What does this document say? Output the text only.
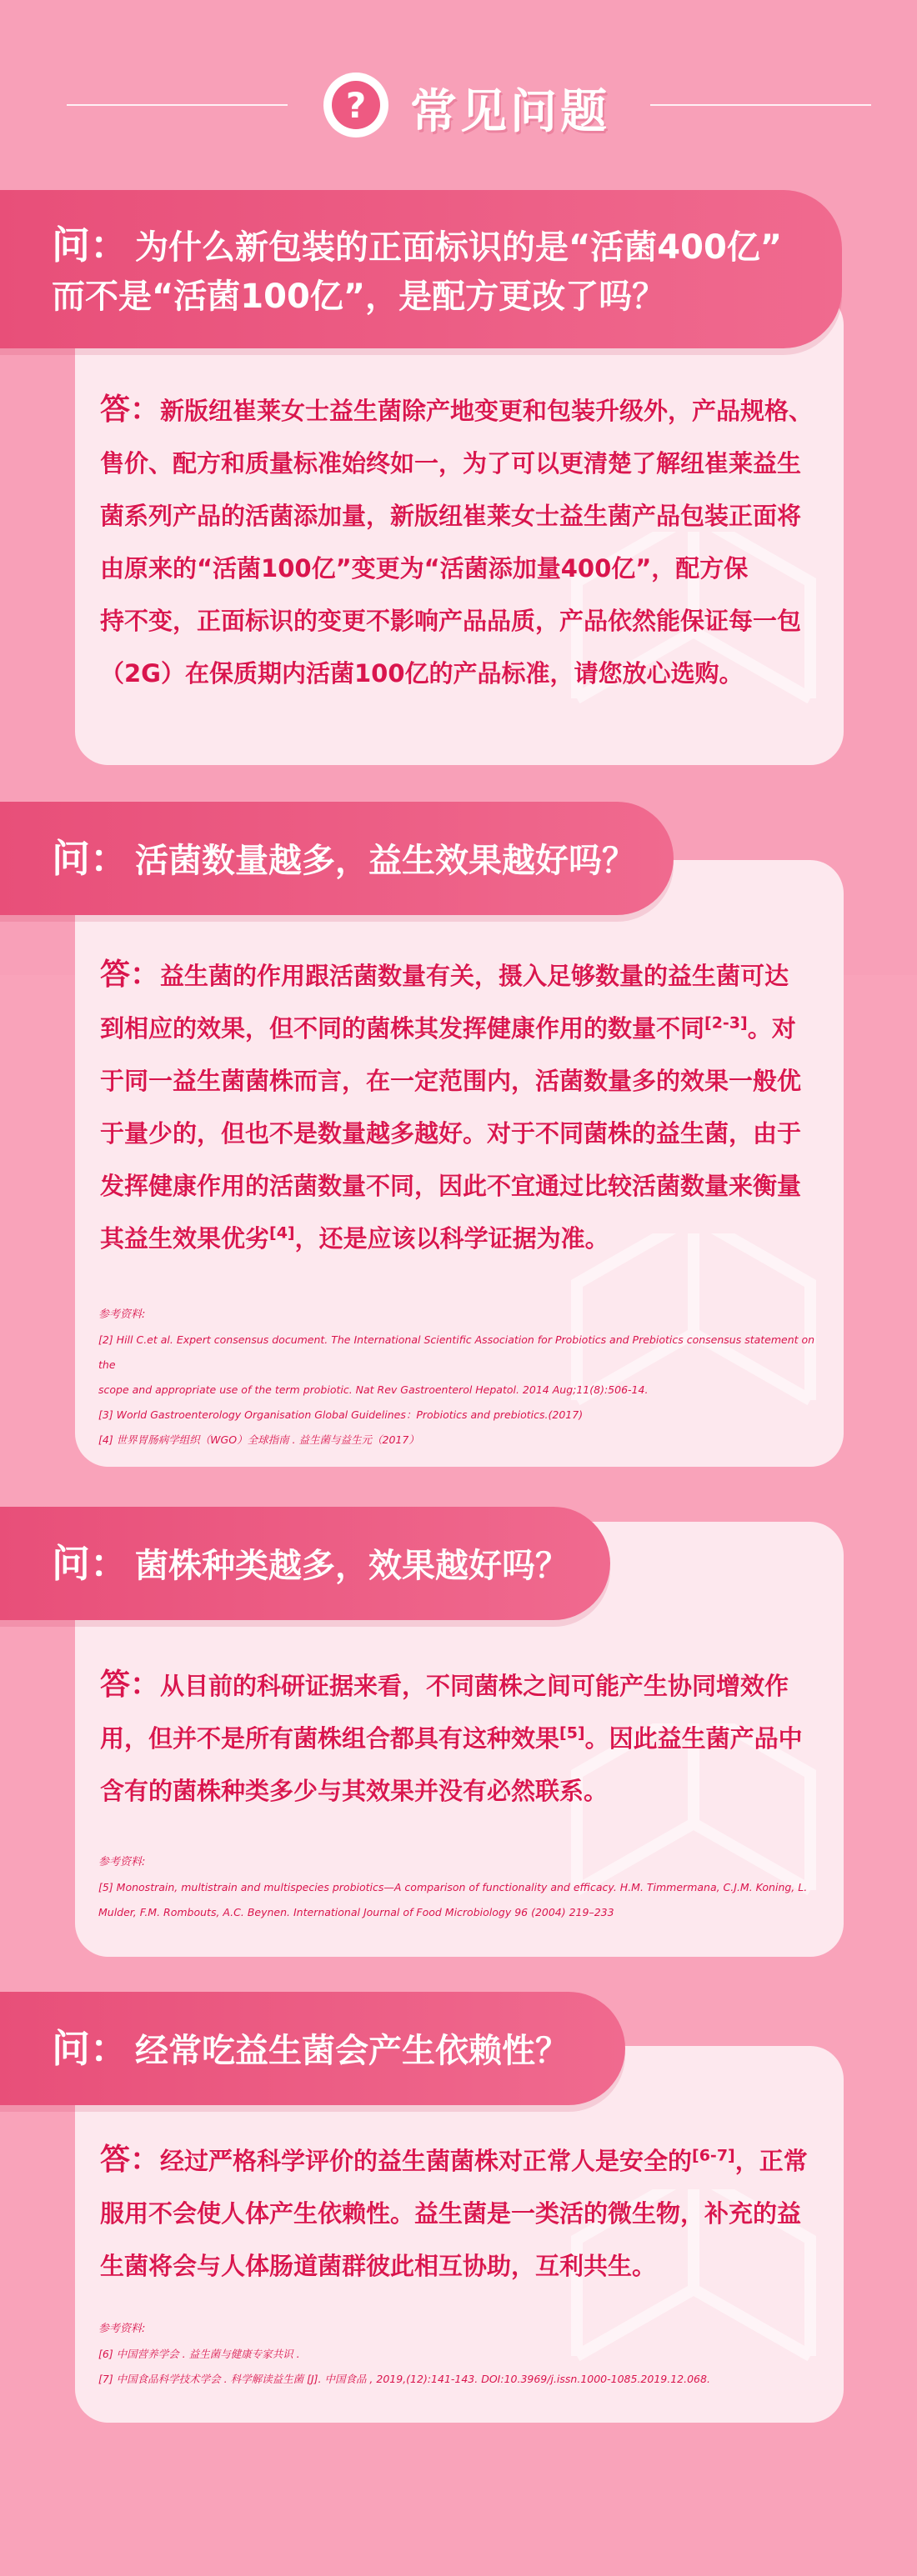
? 常见问题
问： 为什么新包装的正面标识的是“活菌400亿”
而不是“活菌100亿”，是配方更改了吗？
答：新版纽崔莱女士益生菌除产地变更和包装升级外，产品规格、
售价、配方和质量标准始终如一，为了可以更清楚了解纽崔莱益生
菌系列产品的活菌添加量，新版纽崔莱女士益生菌产品包装正面将
由原来的“活菌100亿”变更为“活菌添加量400亿”，配方保
持不变，正面标识的变更不影响产品品质，产品依然能保证每一包
（2G）在保质期内活菌100亿的产品标准，请您放心选购。
问： 活菌数量越多，益生效果越好吗？
答：益生菌的作用跟活菌数量有关，摄入足够数量的益生菌可达
到相应的效果，但不同的菌株其发挥健康作用的数量不同[2-3]。对
于同一益生菌菌株而言，在一定范围内，活菌数量多的效果一般优
于量少的，但也不是数量越多越好。对于不同菌株的益生菌，由于
发挥健康作用的活菌数量不同，因此不宜通过比较活菌数量来衡量
其益生效果优劣[4]，还是应该以科学证据为准。
参考资料:
[2] Hill C.et al. Expert consensus document. The International Scientific Association for Probiotics and Prebiotics consensus statement on the
scope and appropriate use of the term probiotic. Nat Rev Gastroenterol Hepatol. 2014 Aug;11(8):506-14.
[3] World Gastroenterology Organisation Global Guidelines：Probiotics and prebiotics.(2017)
[4] 世界胃肠病学组织（WGO）全球指南 . 益生菌与益生元（2017）
问： 菌株种类越多，效果越好吗？
答：从目前的科研证据来看，不同菌株之间可能产生协同增效作
用，但并不是所有菌株组合都具有这种效果[5]。因此益生菌产品中
含有的菌株种类多少与其效果并没有必然联系。
参考资料:
[5] Monostrain, multistrain and multispecies probiotics—A comparison of functionality and efficacy. H.M. Timmermana, C.J.M. Koning, L.
Mulder, F.M. Rombouts, A.C. Beynen. International Journal of Food Microbiology 96 (2004) 219–233
问： 经常吃益生菌会产生依赖性？
答：经过严格科学评价的益生菌菌株对正常人是安全的[6-7]，正常
服用不会使人体产生依赖性。益生菌是一类活的微生物，补充的益
生菌将会与人体肠道菌群彼此相互协助，互利共生。
参考资料:
[6] 中国营养学会 . 益生菌与健康专家共识 .
[7] 中国食品科学技术学会 . 科学解读益生菌 [J]. 中国食品 , 2019,(12):141-143. DOI:10.3969/j.issn.1000-1085.2019.12.068.
